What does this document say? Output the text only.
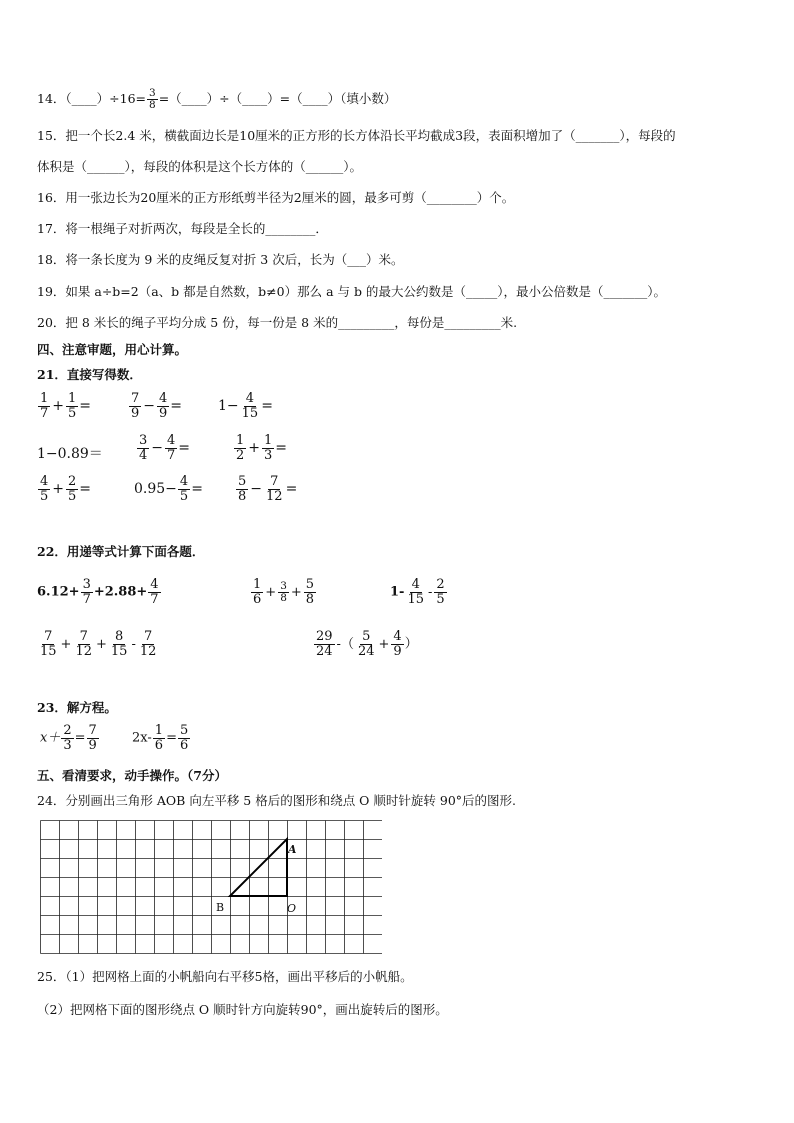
14．（____）÷16= $\frac{3}{8}$ =（____）÷（____）=（____）（填小数）
15．把一个长2.4 米，横截面边长是10厘米的正方形的长方体沿长平均截成3段，表面积增加了（_______），每段的
体积是（______），每段的体积是这个长方体的（______）。
16．用一张边长为20厘米的正方形纸剪半径为2厘米的圆，最多可剪（________）个。
17．将一根绳子对折两次，每段是全长的________．
18．将一条长度为 9 米的皮绳反复对折 3 次后，长为（___）米。
19．如果 a÷b=2（a、b 都是自然数，b≠0）那么 a 与 b 的最大公约数是（_____），最小公倍数是（_______）。
20．把 8 米长的绳子平均分成 5 份，每一份是 8 米的_________，每份是_________米.
四、注意审题，用心计算。
21．直接写得数．
$\frac{1}{7} + \frac{1}{5}$ =	$\frac{7}{9} - \frac{4}{9}$ =	$1- \frac{4}{15}$ =
1−0.89＝	$\frac{3}{4} - \frac{4}{7}$ =	$\frac{1}{2} + \frac{1}{3}$ =
$\frac{4}{5} + \frac{2}{5}$ =	$0.95- \frac{4}{5}$ =	$\frac{5}{8} - \frac{7}{12}$ =
22．用递等式计算下面各题．
$6.12+ \frac{3}{7} +2.88+ \frac{4}{7}$	$\frac{1}{6} + \frac{3}{8} + \frac{5}{8}$	$1- \frac{4}{15} - \frac{2}{5}$
$\frac{7}{15} + \frac{7}{12} + \frac{8}{15} - \frac{7}{12}$	$\frac{29}{24}$ -（ $\frac{5}{24} + \frac{4}{9}$ ）
23．解方程。
$x+ \frac{2}{3} = \frac{7}{9}$	$2x- \frac{1}{6} = \frac{5}{6}$
五、看清要求，动手操作。（7分）
24．分别画出三角形 AOB 向左平移 5 格后的图形和绕点 O 顺时针旋转 90°后的图形.
A
B	O
25．（1）把网格上面的小帆船向右平移5格，画出平移后的小帆船。
（2）把网格下面的图形绕点 O 顺时针方向旋转90°，画出旋转后的图形。
